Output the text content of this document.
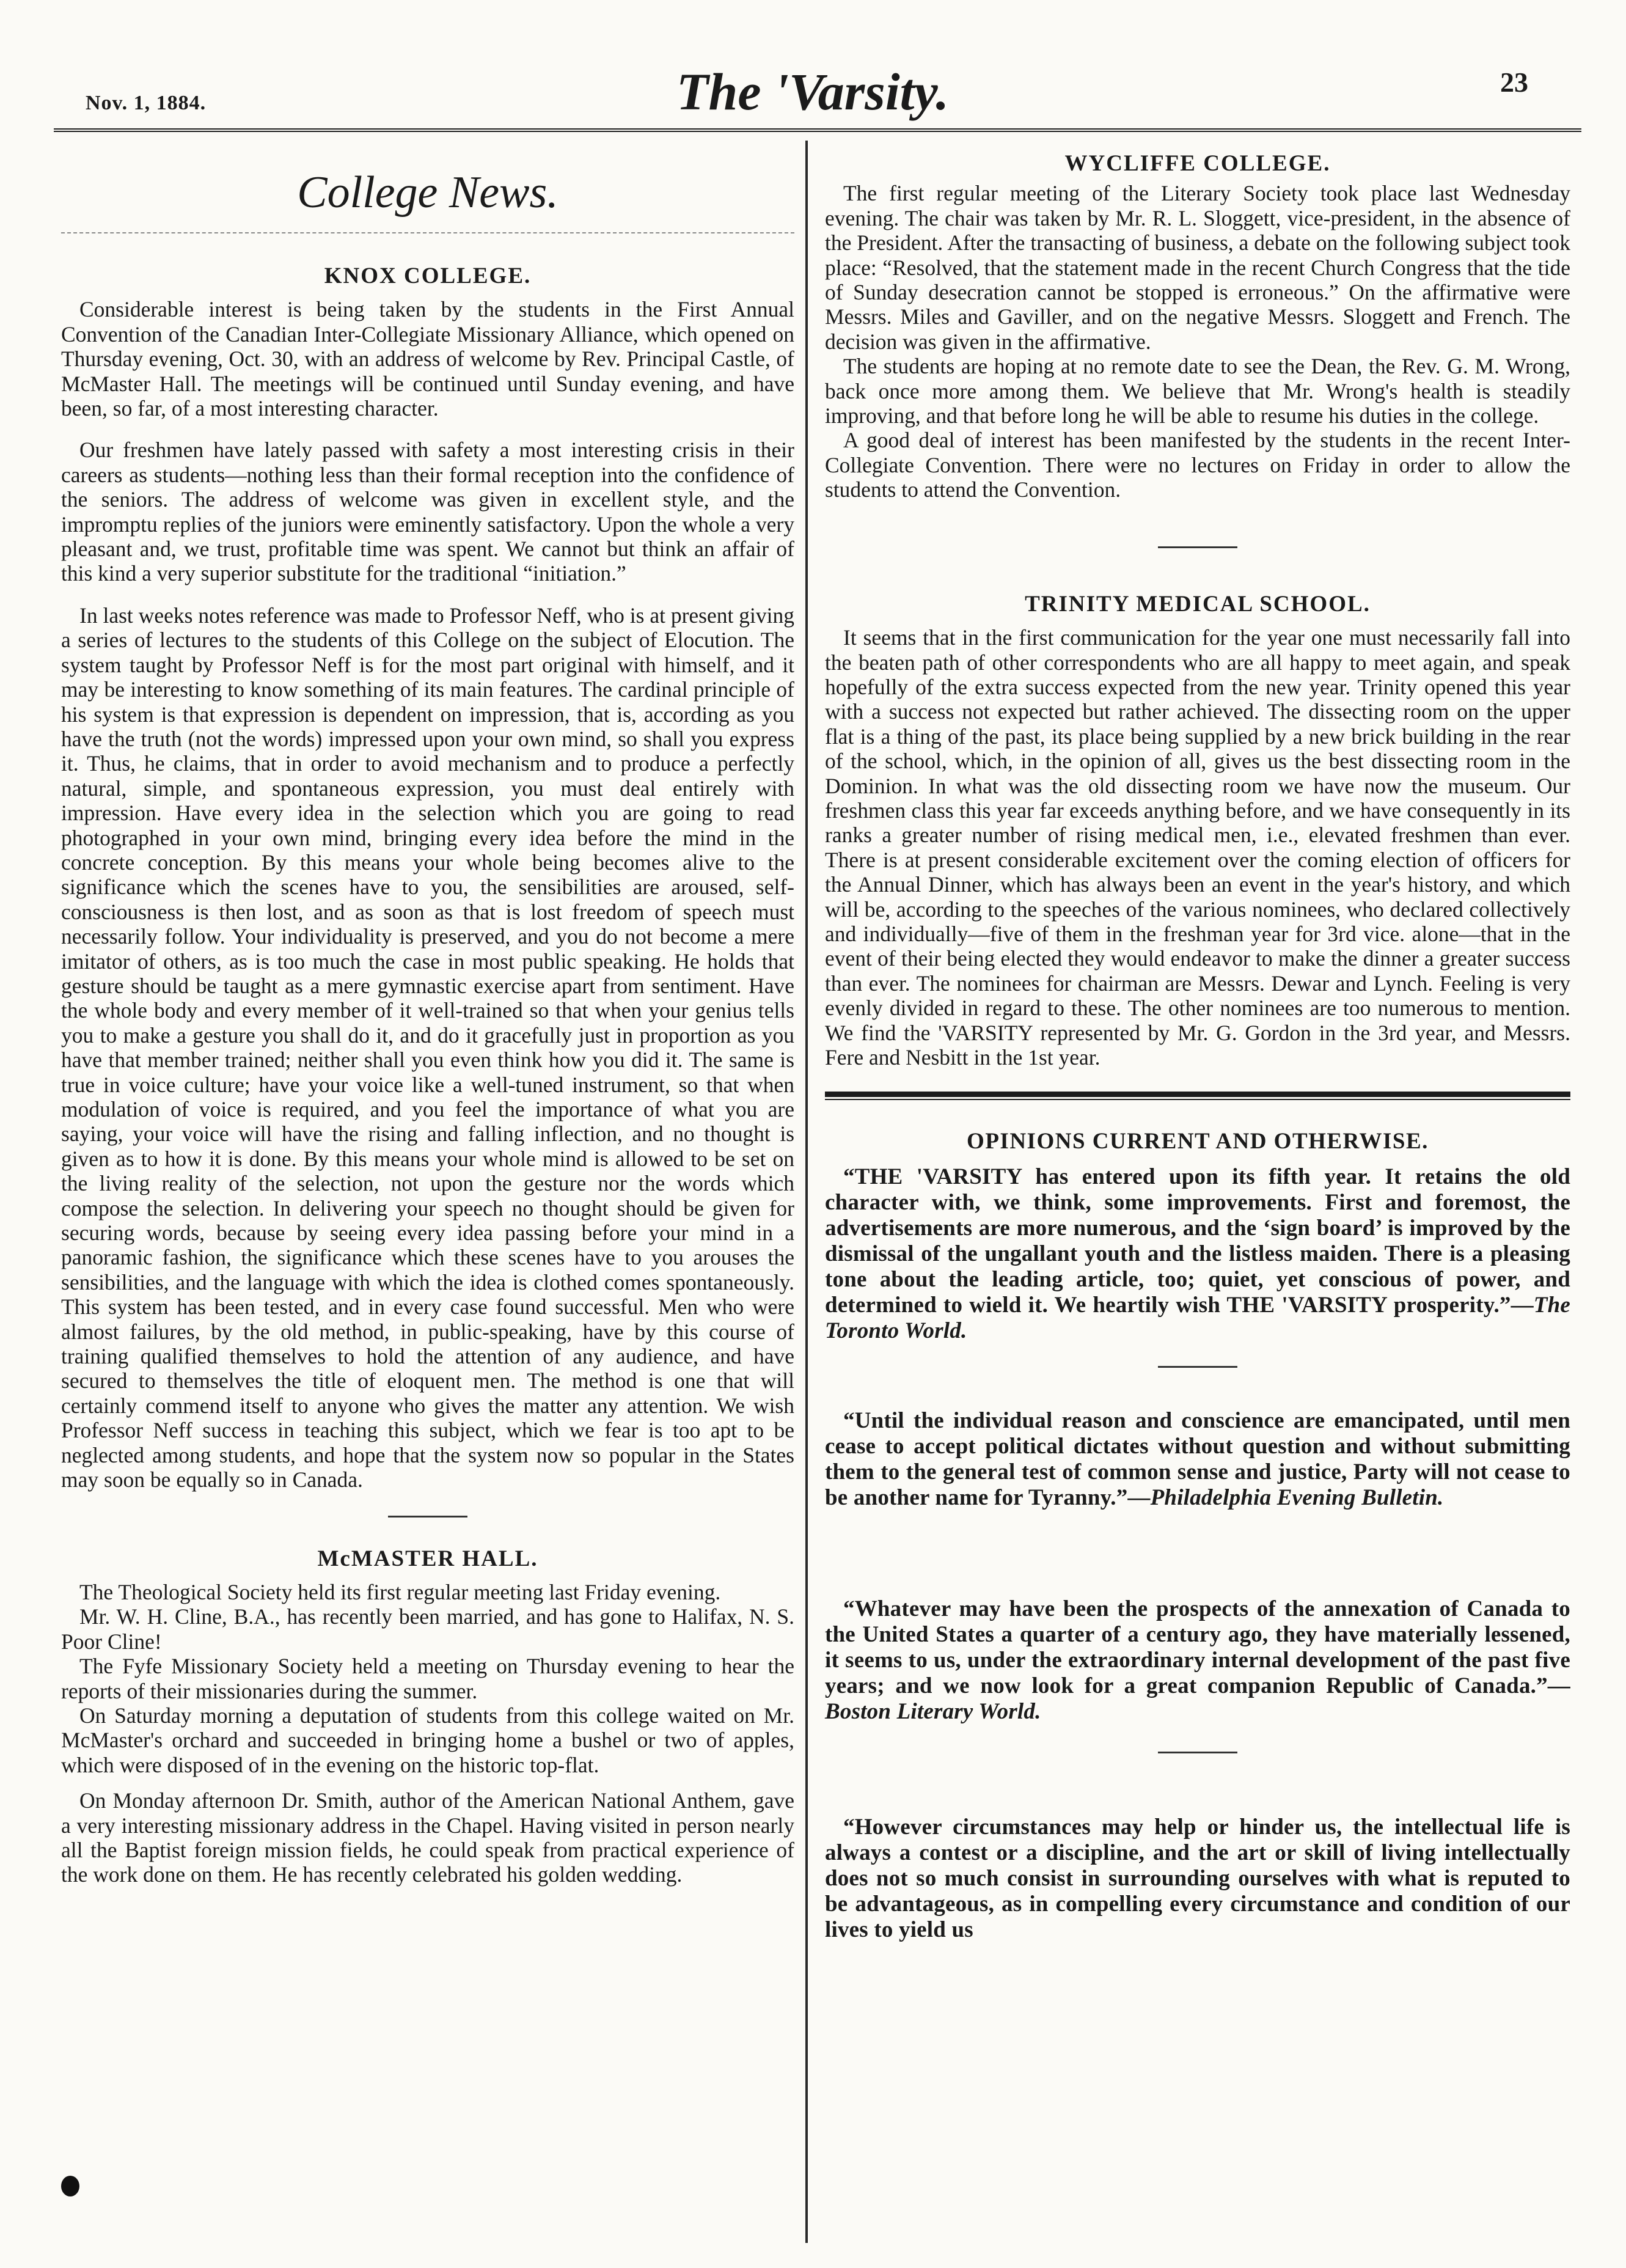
Nov. 1, 1884.	The 'Varsity.	23
College News.
KNOX COLLEGE.

Considerable interest is being taken by the students in the First Annual Convention of the Canadian Inter-Collegiate Missionary Alliance, which opened on Thursday evening, Oct. 30, with an address of welcome by Rev. Principal Castle, of McMaster Hall. The meetings will be continued until Sunday evening, and have been, so far, of a most interesting character.

Our freshmen have lately passed with safety a most interesting crisis in their careers as students—nothing less than their formal reception into the confidence of the seniors. The address of welcome was given in excellent style, and the impromptu replies of the juniors were eminently satisfactory. Upon the whole a very pleasant and, we trust, profitable time was spent. We cannot but think an affair of this kind a very superior substitute for the traditional “initiation.”

In last weeks notes reference was made to Professor Neff, who is at present giving a series of lectures to the students of this College on the subject of Elocution. The system taught by Professor Neff is for the most part original with himself, and it may be interesting to know something of its main features. The cardinal principle of his system is that expression is dependent on impression, that is, according as you have the truth (not the words) impressed upon your own mind, so shall you express it. Thus, he claims, that in order to avoid mechanism and to produce a perfectly natural, simple, and spontaneous expression, you must deal entirely with impression. Have every idea in the selection which you are going to read photographed in your own mind, bringing every idea before the mind in the concrete conception. By this means your whole being becomes alive to the significance which the scenes have to you, the sensibilities are aroused, self-consciousness is then lost, and as soon as that is lost freedom of speech must necessarily follow. Your individuality is preserved, and you do not become a mere imitator of others, as is too much the case in most public speaking. He holds that gesture should be taught as a mere gymnastic exercise apart from sentiment. Have the whole body and every member of it well-trained so that when your genius tells you to make a gesture you shall do it, and do it gracefully just in proportion as you have that member trained; neither shall you even think how you did it. The same is true in voice culture; have your voice like a well-tuned instrument, so that when modulation of voice is required, and you feel the importance of what you are saying, your voice will have the rising and falling inflection, and no thought is given as to how it is done. By this means your whole mind is allowed to be set on the living reality of the selection, not upon the gesture nor the words which compose the selection. In delivering your speech no thought should be given for securing words, because by seeing every idea passing before your mind in a panoramic fashion, the significance which these scenes have to you arouses the sensibilities, and the language with which the idea is clothed comes spontaneously. This system has been tested, and in every case found successful. Men who were almost failures, by the old method, in public-speaking, have by this course of training qualified themselves to hold the attention of any audience, and have secured to themselves the title of eloquent men. The method is one that will certainly commend itself to anyone who gives the matter any attention. We wish Professor Neff success in teaching this subject, which we fear is too apt to be neglected among students, and hope that the system now so popular in the States may soon be equally so in Canada.

McMASTER HALL.

The Theological Society held its first regular meeting last Friday evening.

Mr. W. H. Cline, B.A., has recently been married, and has gone to Halifax, N. S. Poor Cline!

The Fyfe Missionary Society held a meeting on Thursday evening to hear the reports of their missionaries during the summer.

On Saturday morning a deputation of students from this college waited on Mr. McMaster's orchard and succeeded in bringing home a bushel or two of apples, which were disposed of in the evening on the historic top-flat.

On Monday afternoon Dr. Smith, author of the American National Anthem, gave a very interesting missionary address in the Chapel. Having visited in person nearly all the Baptist foreign mission fields, he could speak from practical experience of the work done on them. He has recently celebrated his golden wedding.

WYCLIFFE COLLEGE.

The first regular meeting of the Literary Society took place last Wednesday evening. The chair was taken by Mr. R. L. Sloggett, vice-president, in the absence of the President. After the transacting of business, a debate on the following subject took place: “Resolved, that the statement made in the recent Church Congress that the tide of Sunday desecration cannot be stopped is erroneous.” On the affirmative were Messrs. Miles and Gaviller, and on the negative Messrs. Sloggett and French. The decision was given in the affirmative.

The students are hoping at no remote date to see the Dean, the Rev. G. M. Wrong, back once more among them. We believe that Mr. Wrong's health is steadily improving, and that before long he will be able to resume his duties in the college.

A good deal of interest has been manifested by the students in the recent Inter-Collegiate Convention. There were no lectures on Friday in order to allow the students to attend the Convention.

TRINITY MEDICAL SCHOOL.

It seems that in the first communication for the year one must necessarily fall into the beaten path of other correspondents who are all happy to meet again, and speak hopefully of the extra success expected from the new year. Trinity opened this year with a success not expected but rather achieved. The dissecting room on the upper flat is a thing of the past, its place being supplied by a new brick building in the rear of the school, which, in the opinion of all, gives us the best dissecting room in the Dominion. In what was the old dissecting room we have now the museum. Our freshmen class this year far exceeds anything before, and we have consequently in its ranks a greater number of rising medical men, i.e., elevated freshmen than ever. There is at present considerable excitement over the coming election of officers for the Annual Dinner, which has always been an event in the year's history, and which will be, according to the speeches of the various nominees, who declared collectively and individually—five of them in the freshman year for 3rd vice. alone—that in the event of their being elected they would endeavor to make the dinner a greater success than ever. The nominees for chairman are Messrs. Dewar and Lynch. Feeling is very evenly divided in regard to these. The other nominees are too numerous to mention. We find the 'VARSITY represented by Mr. G. Gordon in the 3rd year, and Messrs. Fere and Nesbitt in the 1st year.

OPINIONS CURRENT AND OTHERWISE.

“THE 'VARSITY has entered upon its fifth year. It retains the old character with, we think, some improvements. First and foremost, the advertisements are more numerous, and the ‘sign board’ is improved by the dismissal of the ungallant youth and the listless maiden. There is a pleasing tone about the leading article, too; quiet, yet conscious of power, and determined to wield it. We heartily wish THE 'VARSITY prosperity.”—The Toronto World.

“Until the individual reason and conscience are emancipated, until men cease to accept political dictates without question and without submitting them to the general test of common sense and justice, Party will not cease to be another name for Tyranny.”—Philadelphia Evening Bulletin.

“Whatever may have been the prospects of the annexation of Canada to the United States a quarter of a century ago, they have materially lessened, it seems to us, under the extraordinary internal development of the past five years; and we now look for a great companion Republic of Canada.”—Boston Literary World.

“However circumstances may help or hinder us, the intellectual life is always a contest or a discipline, and the art or skill of living intellectually does not so much consist in surrounding ourselves with what is reputed to be advantageous, as in compelling every circumstance and condition of our lives to yield us
